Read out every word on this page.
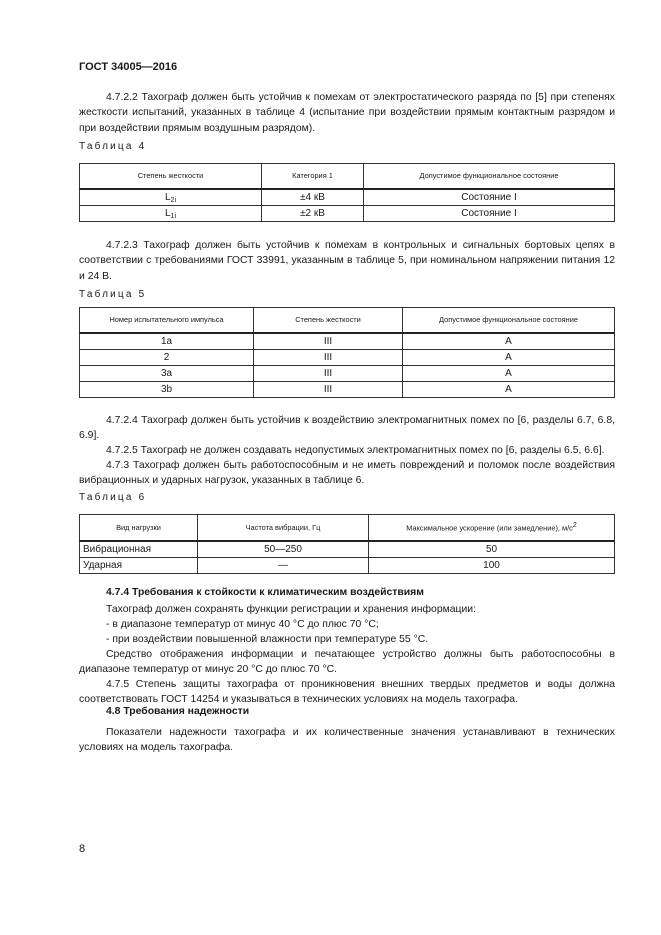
ГОСТ 34005—2016
4.7.2.2 Тахограф должен быть устойчив к помехам от электростатического разряда по [5] при степенях жесткости испытаний, указанных в таблице 4 (испытание при воздействии прямым контактным разрядом и при воздействии прямым воздушным разрядом).
Таблица 4
Степень жесткости	Категория 1	Допустимое функциональное состояние
$L_{2i}$	±4 кВ	Состояние I
$L_{1i}$	±2 кВ	Состояние I
4.7.2.3 Тахограф должен быть устойчив к помехам в контрольных и сигнальных бортовых цепях в соответствии с требованиями ГОСТ 33991, указанным в таблице 5, при номинальном напряжении питания 12 и 24 В.
Таблица 5
Номер испытательного импульса	Степень жесткости	Допустимое функциональное состояние
1a	III	A
2	III	A
3a	III	A
3b	III	A
4.7.2.4 Тахограф должен быть устойчив к воздействию электромагнитных помех по [6, разделы 6.7, 6.8, 6.9].
4.7.2.5 Тахограф не должен создавать недопустимых электромагнитных помех по [6, разделы 6.5, 6.6].
4.7.3 Тахограф должен быть работоспособным и не иметь повреждений и поломок после воздействия вибрационных и ударных нагрузок, указанных в таблице 6.
Таблица 6
Вид нагрузки	Частота вибрации, Гц	Максимальное ускорение (или замедление), $м/с^2$
Вибрационная	50—250	50
Ударная	—	100
4.7.4 Требования к стойкости к климатическим воздействиям
Тахограф должен сохранять функции регистрации и хранения информации:
- в диапазоне температур от минус 40 °С до плюс 70 °С;
- при воздействии повышенной влажности при температуре 55 °С.
Средство отображения информации и печатающее устройство должны быть работоспособны в диапазоне температур от минус 20 °С до плюс 70 °С.
4.7.5 Степень защиты тахографа от проникновения внешних твердых предметов и воды должна соответствовать ГОСТ 14254 и указываться в технических условиях на модель тахографа.
4.8 Требования надежности
Показатели надежности тахографа и их количественные значения устанавливают в технических условиях на модель тахографа.
8
